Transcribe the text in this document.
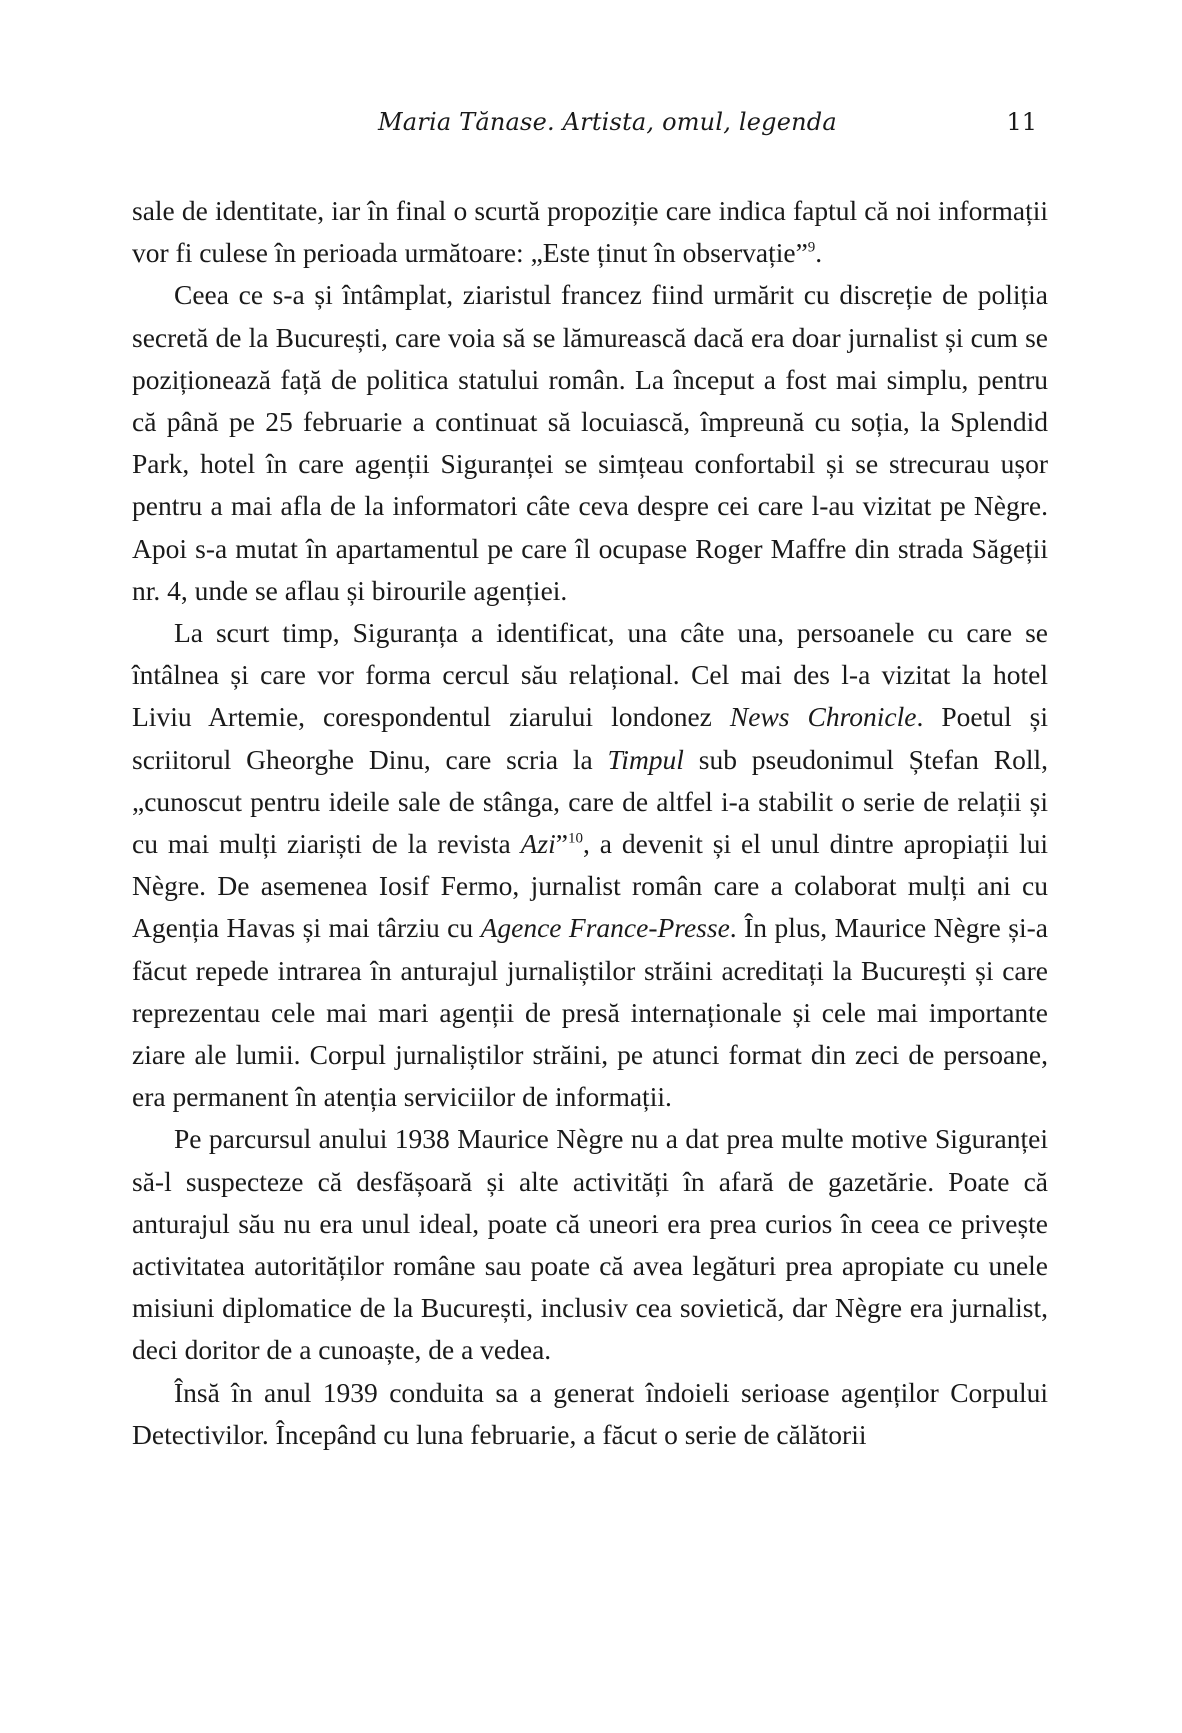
Maria Tănase. Artista, omul, legenda	11

sale de identitate, iar în final o scurtă propoziție care indica faptul că noi informații vor fi culese în perioada următoare: „Este ținut în observație”$^9$.

Ceea ce s-a și întâmplat, ziaristul francez fiind urmărit cu discreție de poliția secretă de la București, care voia să se lămurească dacă era doar jurnalist și cum se poziționează față de politica statului român. La început a fost mai simplu, pentru că până pe 25 februarie a continuat să locuiască, împreună cu soția, la Splendid Park, hotel în care agenții Siguranței se simțeau confortabil și se strecurau ușor pentru a mai afla de la informatori câte ceva despre cei care l-au vizitat pe Nègre. Apoi s-a mutat în apartamentul pe care îl ocupase Roger Maffre din strada Săgeții nr. 4, unde se aflau și birourile agenției.

La scurt timp, Siguranța a identificat, una câte una, persoanele cu care se întâlnea și care vor forma cercul său relațional. Cel mai des l-a vizitat la hotel Liviu Artemie, corespondentul ziarului londonez News Chronicle. Poetul și scriitorul Gheorghe Dinu, care scria la Timpul sub pseudonimul Ștefan Roll, „cunoscut pentru ideile sale de stânga, care de altfel i-a stabilit o serie de relații și cu mai mulți ziariști de la revista Azi”$^{10}$, a devenit și el unul dintre apropiații lui Nègre. De asemenea Iosif Fermo, jurnalist român care a colaborat mulți ani cu Agenția Havas și mai târziu cu Agence France-Presse. În plus, Maurice Nègre și-a făcut repede intrarea în anturajul jurnaliștilor străini acreditați la București și care reprezentau cele mai mari agenții de presă internaționale și cele mai importante ziare ale lumii. Corpul jurnaliștilor străini, pe atunci format din zeci de persoane, era permanent în atenția serviciilor de informații.

Pe parcursul anului 1938 Maurice Nègre nu a dat prea multe motive Siguranței să-l suspecteze că desfășoară și alte activități în afară de gazetărie. Poate că anturajul său nu era unul ideal, poate că uneori era prea curios în ceea ce privește activitatea autorităților române sau poate că avea legături prea apropiate cu unele misiuni diplomatice de la București, inclusiv cea sovietică, dar Nègre era jurnalist, deci doritor de a cunoaște, de a vedea.

Însă în anul 1939 conduita sa a generat îndoieli serioase agenților Corpului Detectivilor. Începând cu luna februarie, a făcut o serie de călătorii
